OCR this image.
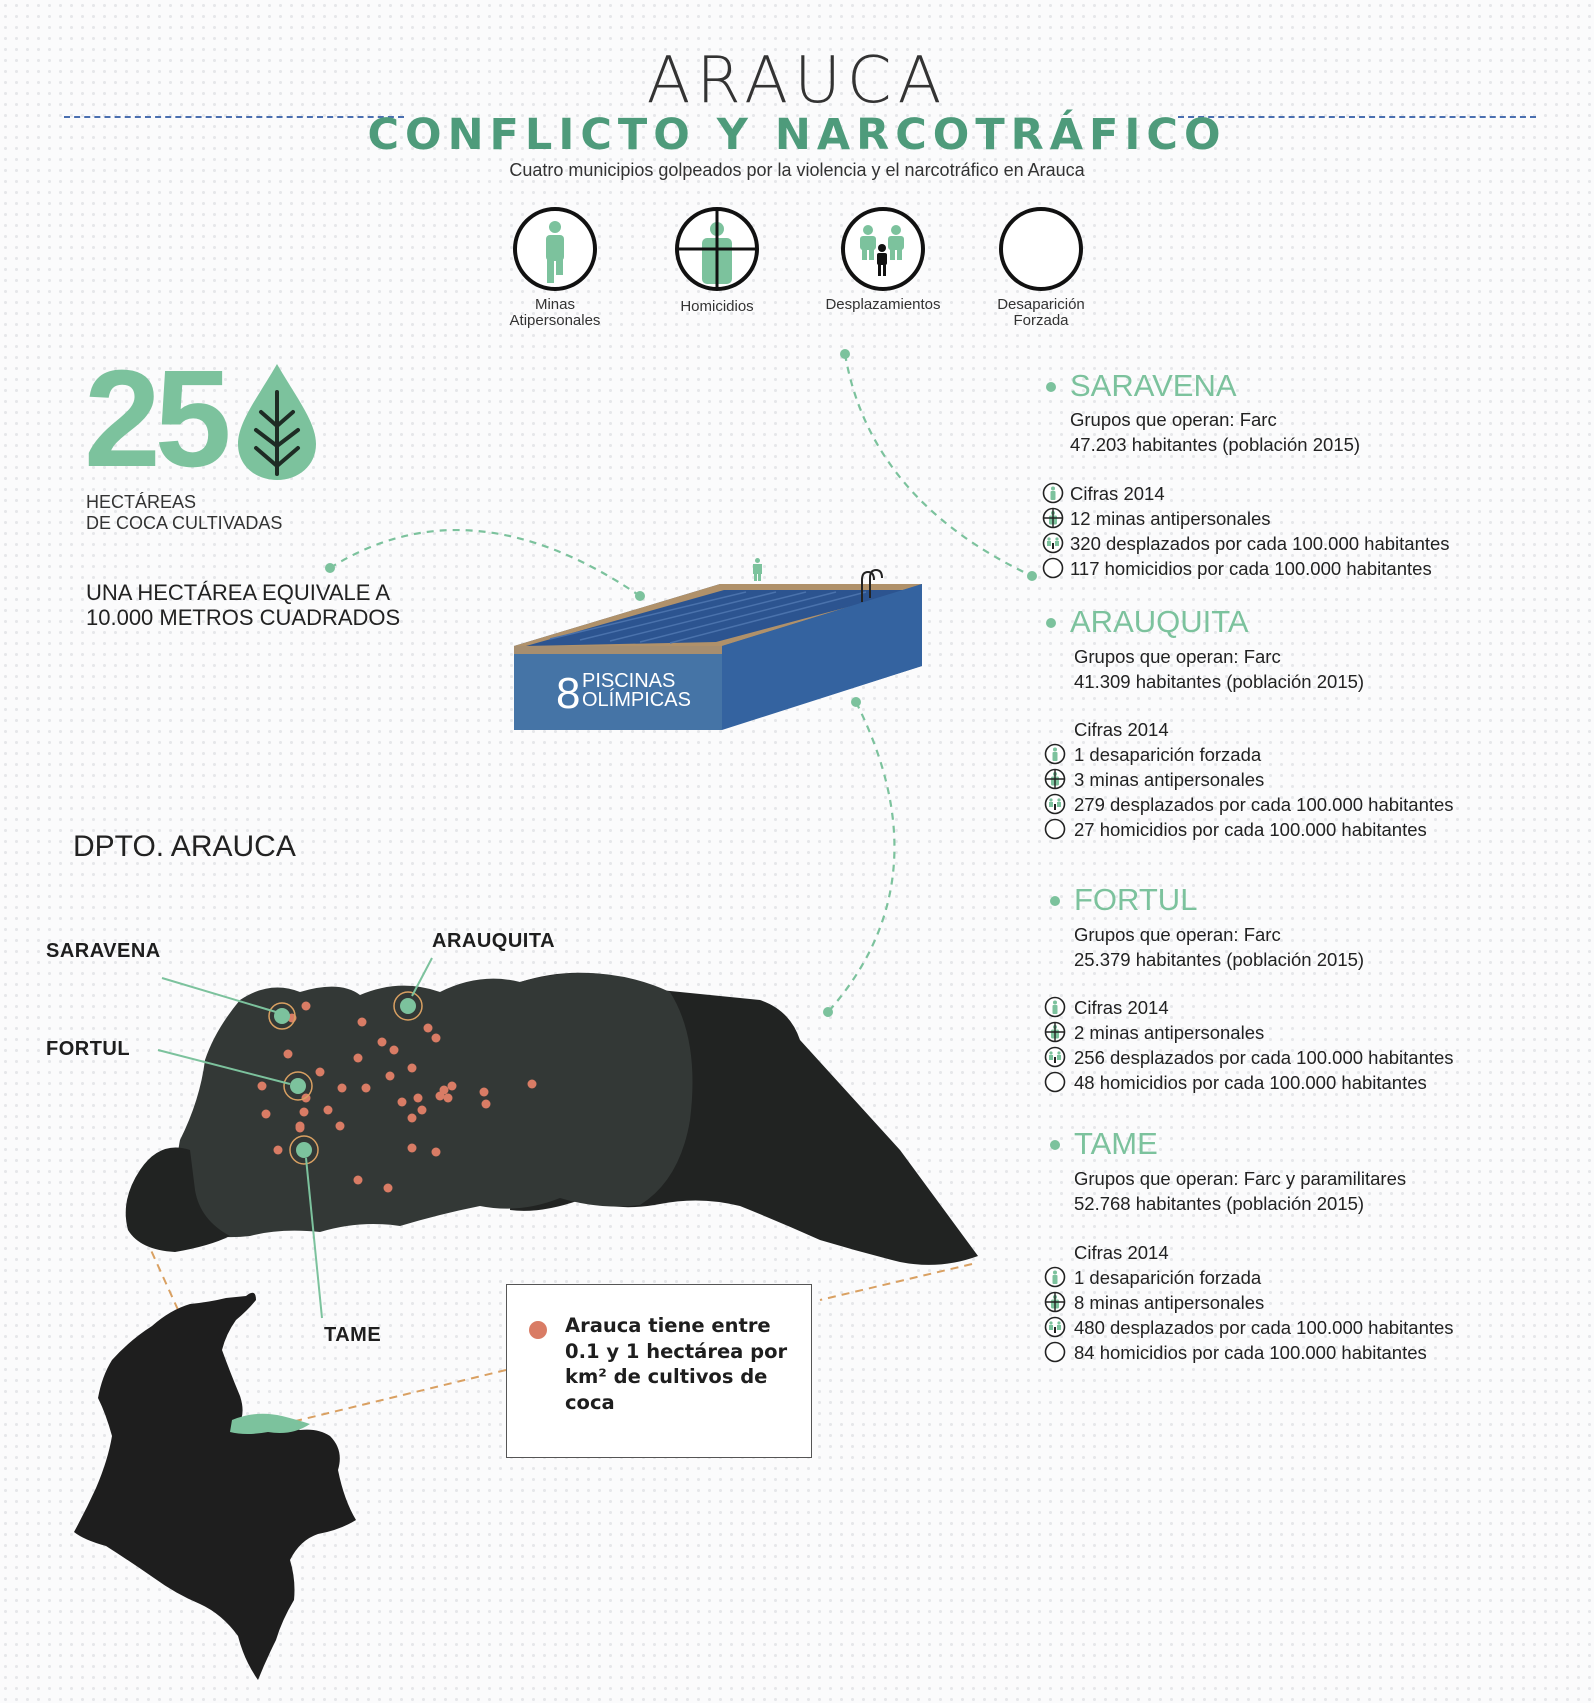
ARAUCA
CONFLICTO Y NARCOTRÁFICO
Cuatro municipios golpeados por la violencia y el narcotráfico en Arauca
Minas
Atipersonales
Homicidios	Desplazamientos	Desaparición
Forzada
25
HECTÁREAS
DE COCA CULTIVADAS
UNA HECTÁREA EQUIVALE A
10.000 METROS CUADRADOS
8 PISCINAS
OLÍMPICAS
SARAVENA
Grupos que operan: Farc
47.203 habitantes (población 2015)
Cifras 2014
12 minas antipersonales
320 desplazados por cada 100.000 habitantes
117 homicidios por cada 100.000 habitantes
ARAUQUITA
Grupos que operan: Farc
41.309 habitantes (población 2015)
Cifras 2014
1 desaparición forzada
3 minas antipersonales
279 desplazados por cada 100.000 habitantes
27 homicidios por cada 100.000 habitantes
FORTUL
Grupos que operan: Farc
25.379 habitantes (población 2015)
Cifras 2014
2 minas antipersonales
256 desplazados por cada 100.000 habitantes
48 homicidios por cada 100.000 habitantes
TAME
Grupos que operan: Farc y paramilitares
52.768 habitantes (población 2015)
Cifras 2014
1 desaparición forzada
8 minas antipersonales
480 desplazados por cada 100.000 habitantes
84 homicidios por cada 100.000 habitantes
DPTO. ARAUCA
SARAVENA	ARAUQUITA
FORTUL
TAME	Arauca tiene entre
0.1 y 1 hectárea por
km² de cultivos de
coca
